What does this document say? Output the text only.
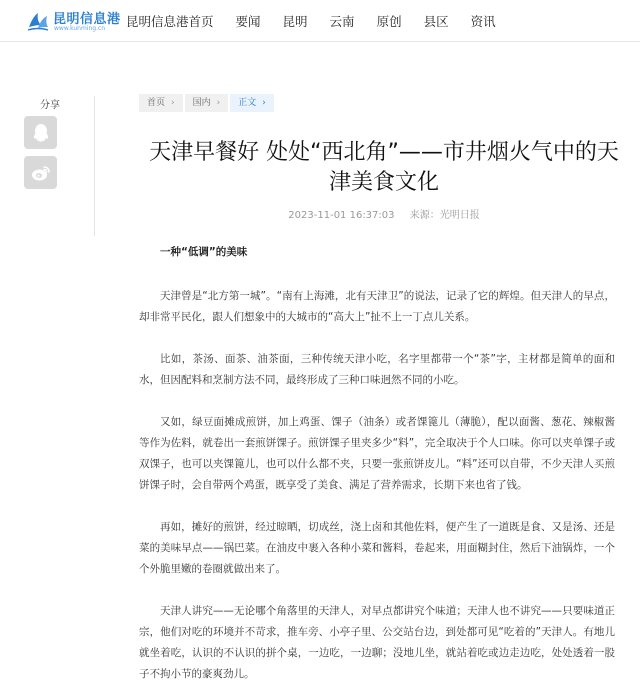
昆明信息港
www.kunming.cn 昆明信息港首页 要闻 昆明 云南 原创 县区 资讯
分享	首页 › 国内 › 正文 ›
天津早餐好 处处“西北角”——市井烟火气中的天津美食文化
2023-11-01 16:37:03 来源：光明日报

一种“低调”的美味

天津曾是“北方第一城”。“南有上海滩，北有天津卫”的说法，记录了它的辉煌。但天津人的早点，却非常平民化，跟人们想象中的大城市的“高大上”扯不上一丁点儿关系。

比如，茶汤、面茶、油茶面，三种传统天津小吃，名字里都带一个“茶”字，主材都是简单的面和水，但因配料和烹制方法不同，最终形成了三种口味迥然不同的小吃。

又如，绿豆面摊成煎饼，加上鸡蛋、馃子（油条）或者馃篦儿（薄脆），配以面酱、葱花、辣椒酱等作为佐料，就卷出一套煎饼馃子。煎饼馃子里夹多少“料”，完全取决于个人口味。你可以夹单馃子或双馃子，也可以夹馃篦儿，也可以什么都不夹，只要一张煎饼皮儿。“料”还可以自带，不少天津人买煎饼馃子时，会自带两个鸡蛋，既享受了美食、满足了营养需求，长期下来也省了钱。

再如，摊好的煎饼，经过晾晒，切成丝，浇上卤和其他佐料，便产生了一道既是食、又是汤、还是菜的美味早点——锅巴菜。在油皮中裹入各种小菜和酱料，卷起来，用面糊封住，然后下油锅炸，一个个外脆里嫩的卷圈就做出来了。

天津人讲究——无论哪个角落里的天津人，对早点都讲究个味道；天津人也不讲究——只要味道正宗，他们对吃的环境并不苛求，推车旁、小亭子里、公交站台边，到处都可见“吃着的”天津人。有地儿就坐着吃，认识的不认识的拼个桌，一边吃，一边聊；没地儿坐，就站着吃或边走边吃，处处透着一股子不拘小节的豪爽劲儿。
